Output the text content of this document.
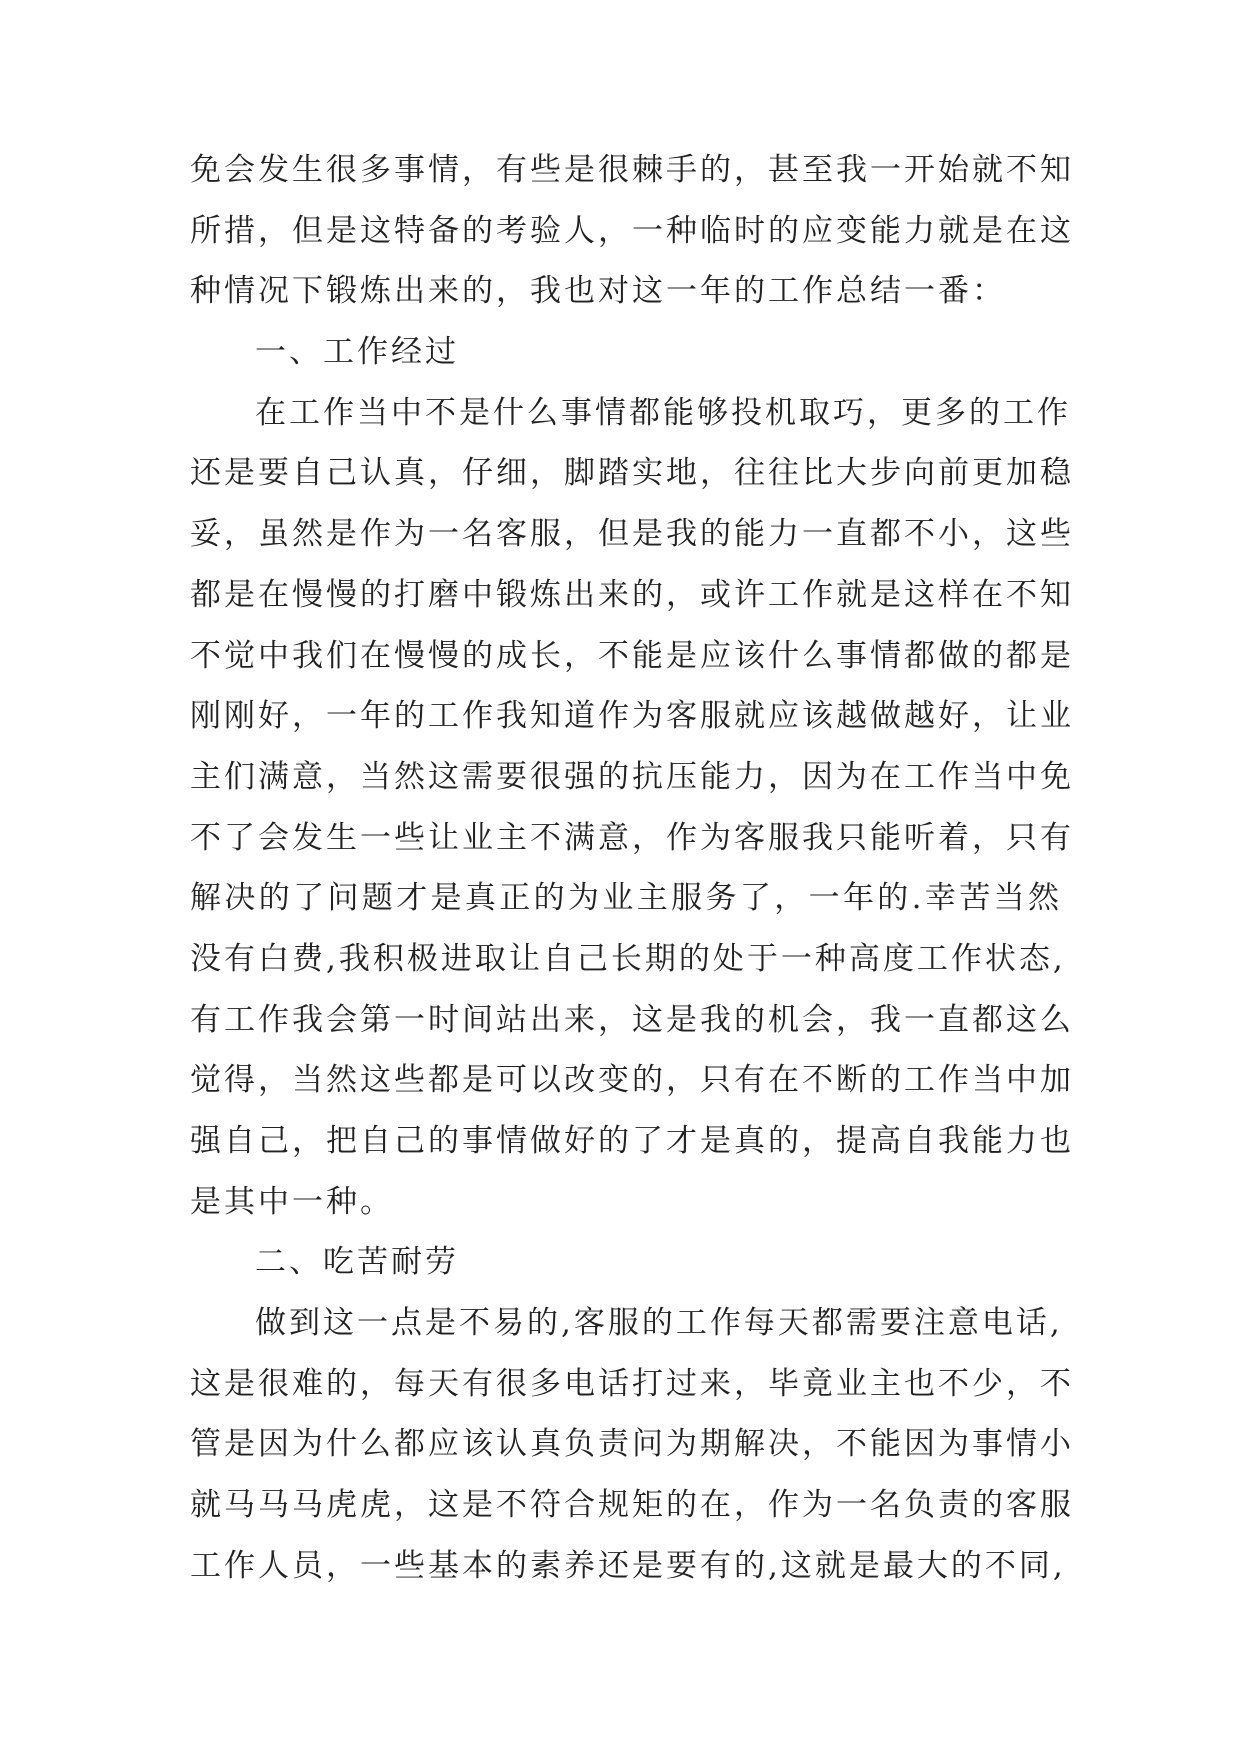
免会发生很多事情，有些是很棘手的，甚至我一开始就不知
所措，但是这特备的考验人，一种临时的应变能力就是在这
种情况下锻炼出来的，我也对这一年的工作总结一番：
一、工作经过
在工作当中不是什么事情都能够投机取巧，更多的工作
还是要自己认真，仔细，脚踏实地，往往比大步向前更加稳
妥，虽然是作为一名客服，但是我的能力一直都不小，这些
都是在慢慢的打磨中锻炼出来的，或许工作就是这样在不知
不觉中我们在慢慢的成长，不能是应该什么事情都做的都是
刚刚好，一年的工作我知道作为客服就应该越做越好，让业
主们满意，当然这需要很强的抗压能力，因为在工作当中免
不了会发生一些让业主不满意，作为客服我只能听着，只有
解决的了问题才是真正的为业主服务了，一年的.幸苦当然
没有白费,我积极进取让自己长期的处于一种高度工作状态,
有工作我会第一时间站出来，这是我的机会，我一直都这么
觉得，当然这些都是可以改变的，只有在不断的工作当中加
强自己，把自己的事情做好的了才是真的，提高自我能力也
是其中一种。
二、吃苦耐劳
做到这一点是不易的,客服的工作每天都需要注意电话,
这是很难的，每天有很多电话打过来，毕竟业主也不少，不
管是因为什么都应该认真负责问为期解决，不能因为事情小
就马马马虎虎，这是不符合规矩的在，作为一名负责的客服
工作人员，一些基本的素养还是要有的,这就是最大的不同,
